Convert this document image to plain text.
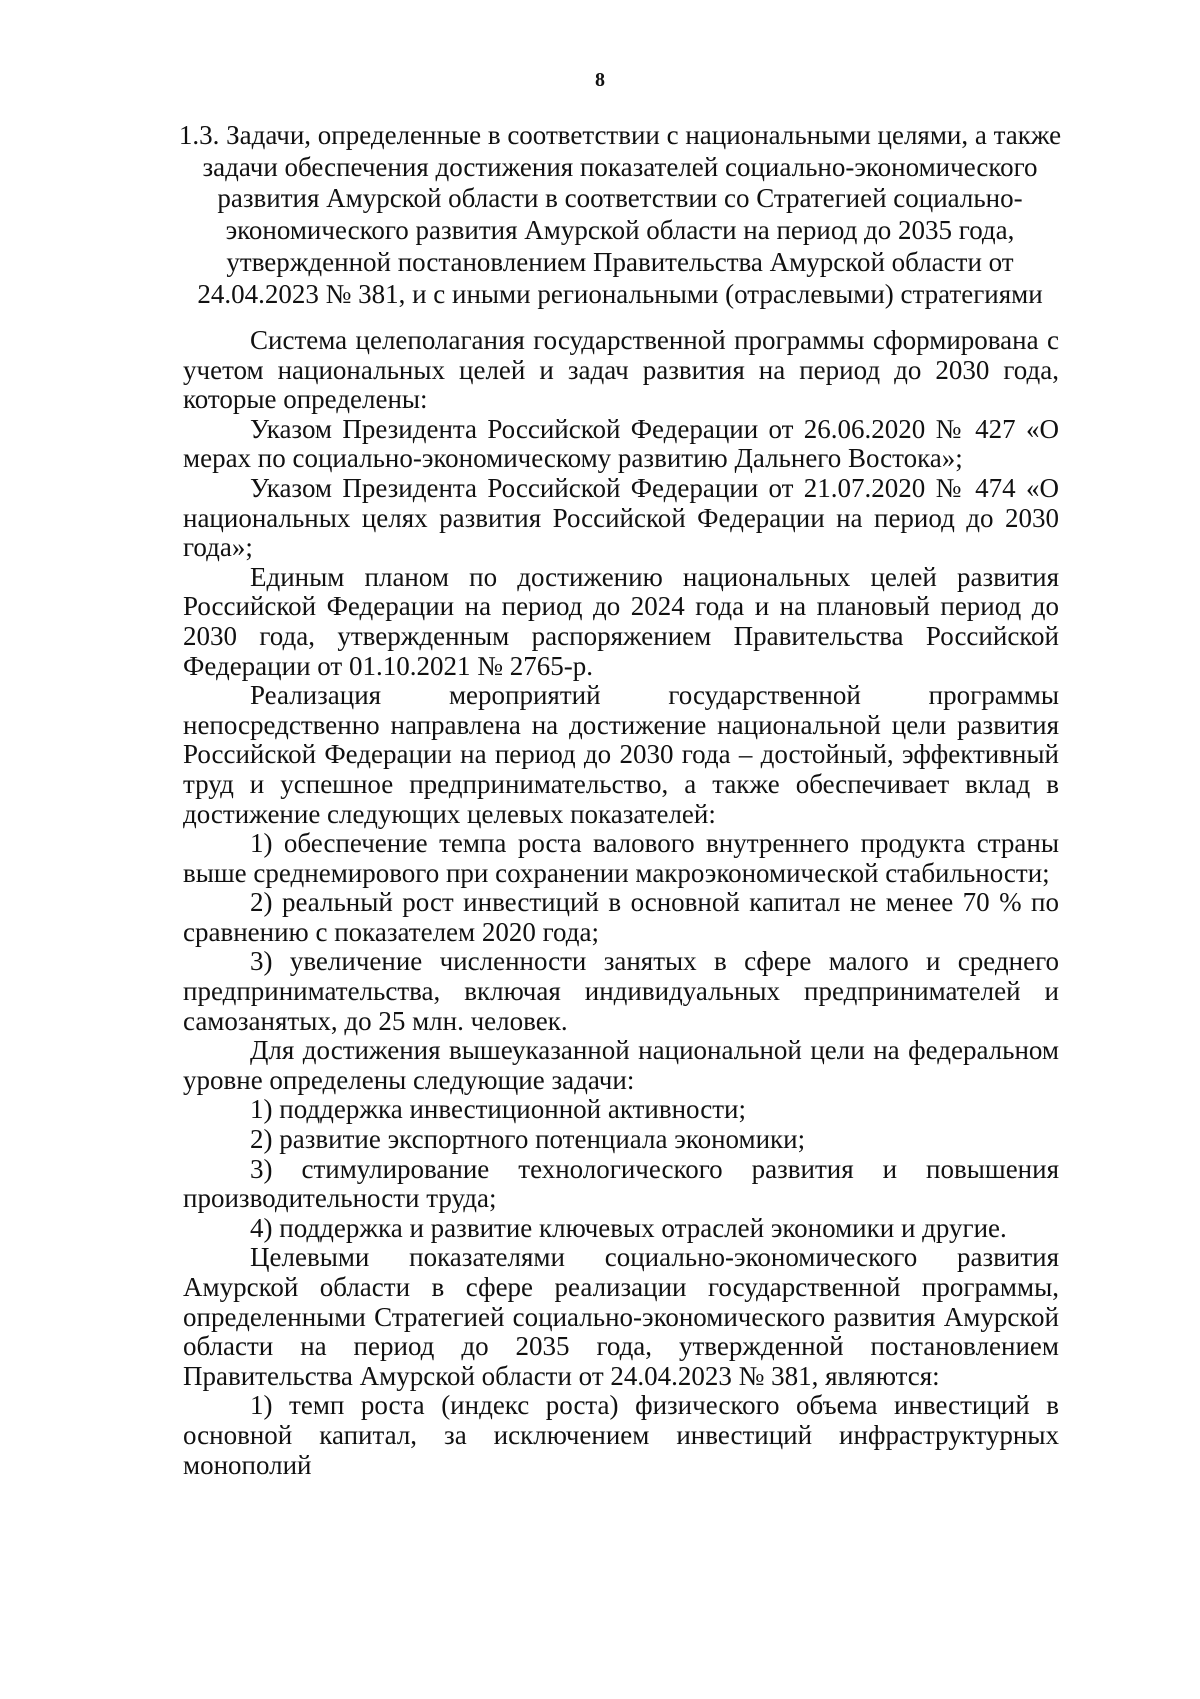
8
1.3. Задачи, определенные в соответствии с национальными целями, а также задачи обеспечения достижения показателей социально-экономического развития Амурской области в соответствии со Стратегией социально-экономического развития Амурской области на период до 2035 года, утвержденной постановлением Правительства Амурской области от 24.04.2023 № 381, и с иными региональными (отраслевыми) стратегиями

Система целеполагания государственной программы сформирована с учетом национальных целей и задач развития на период до 2030 года, которые определены:

Указом Президента Российской Федерации от 26.06.2020 № 427 «О мерах по социально-экономическому развитию Дальнего Востока»;

Указом Президента Российской Федерации от 21.07.2020 № 474 «О национальных целях развития Российской Федерации на период до 2030 года»;

Единым планом по достижению национальных целей развития Российской Федерации на период до 2024 года и на плановый период до 2030 года, утвержденным распоряжением Правительства Российской Федерации от 01.10.2021 № 2765-р.

Реализация мероприятий государственной программы непосредственно направлена на достижение национальной цели развития Российской Федерации на период до 2030 года – достойный, эффективный труд и успешное предпринимательство, а также обеспечивает вклад в достижение следующих целевых показателей:

1) обеспечение темпа роста валового внутреннего продукта страны выше среднемирового при сохранении макроэкономической стабильности;

2) реальный рост инвестиций в основной капитал не менее 70 % по сравнению с показателем 2020 года;

3) увеличение численности занятых в сфере малого и среднего предпринимательства, включая индивидуальных предпринимателей и самозанятых, до 25 млн. человек.

Для достижения вышеуказанной национальной цели на федеральном уровне определены следующие задачи:

1) поддержка инвестиционной активности;

2) развитие экспортного потенциала экономики;

3) стимулирование технологического развития и повышения производительности труда;

4) поддержка и развитие ключевых отраслей экономики и другие.

Целевыми показателями социально-экономического развития Амурской области в сфере реализации государственной программы, определенными Стратегией социально-экономического развития Амурской области на период до 2035 года, утвержденной постановлением Правительства Амурской области от 24.04.2023 № 381, являются:

1) темп роста (индекс роста) физического объема инвестиций в основной капитал, за исключением инвестиций инфраструктурных монополий
